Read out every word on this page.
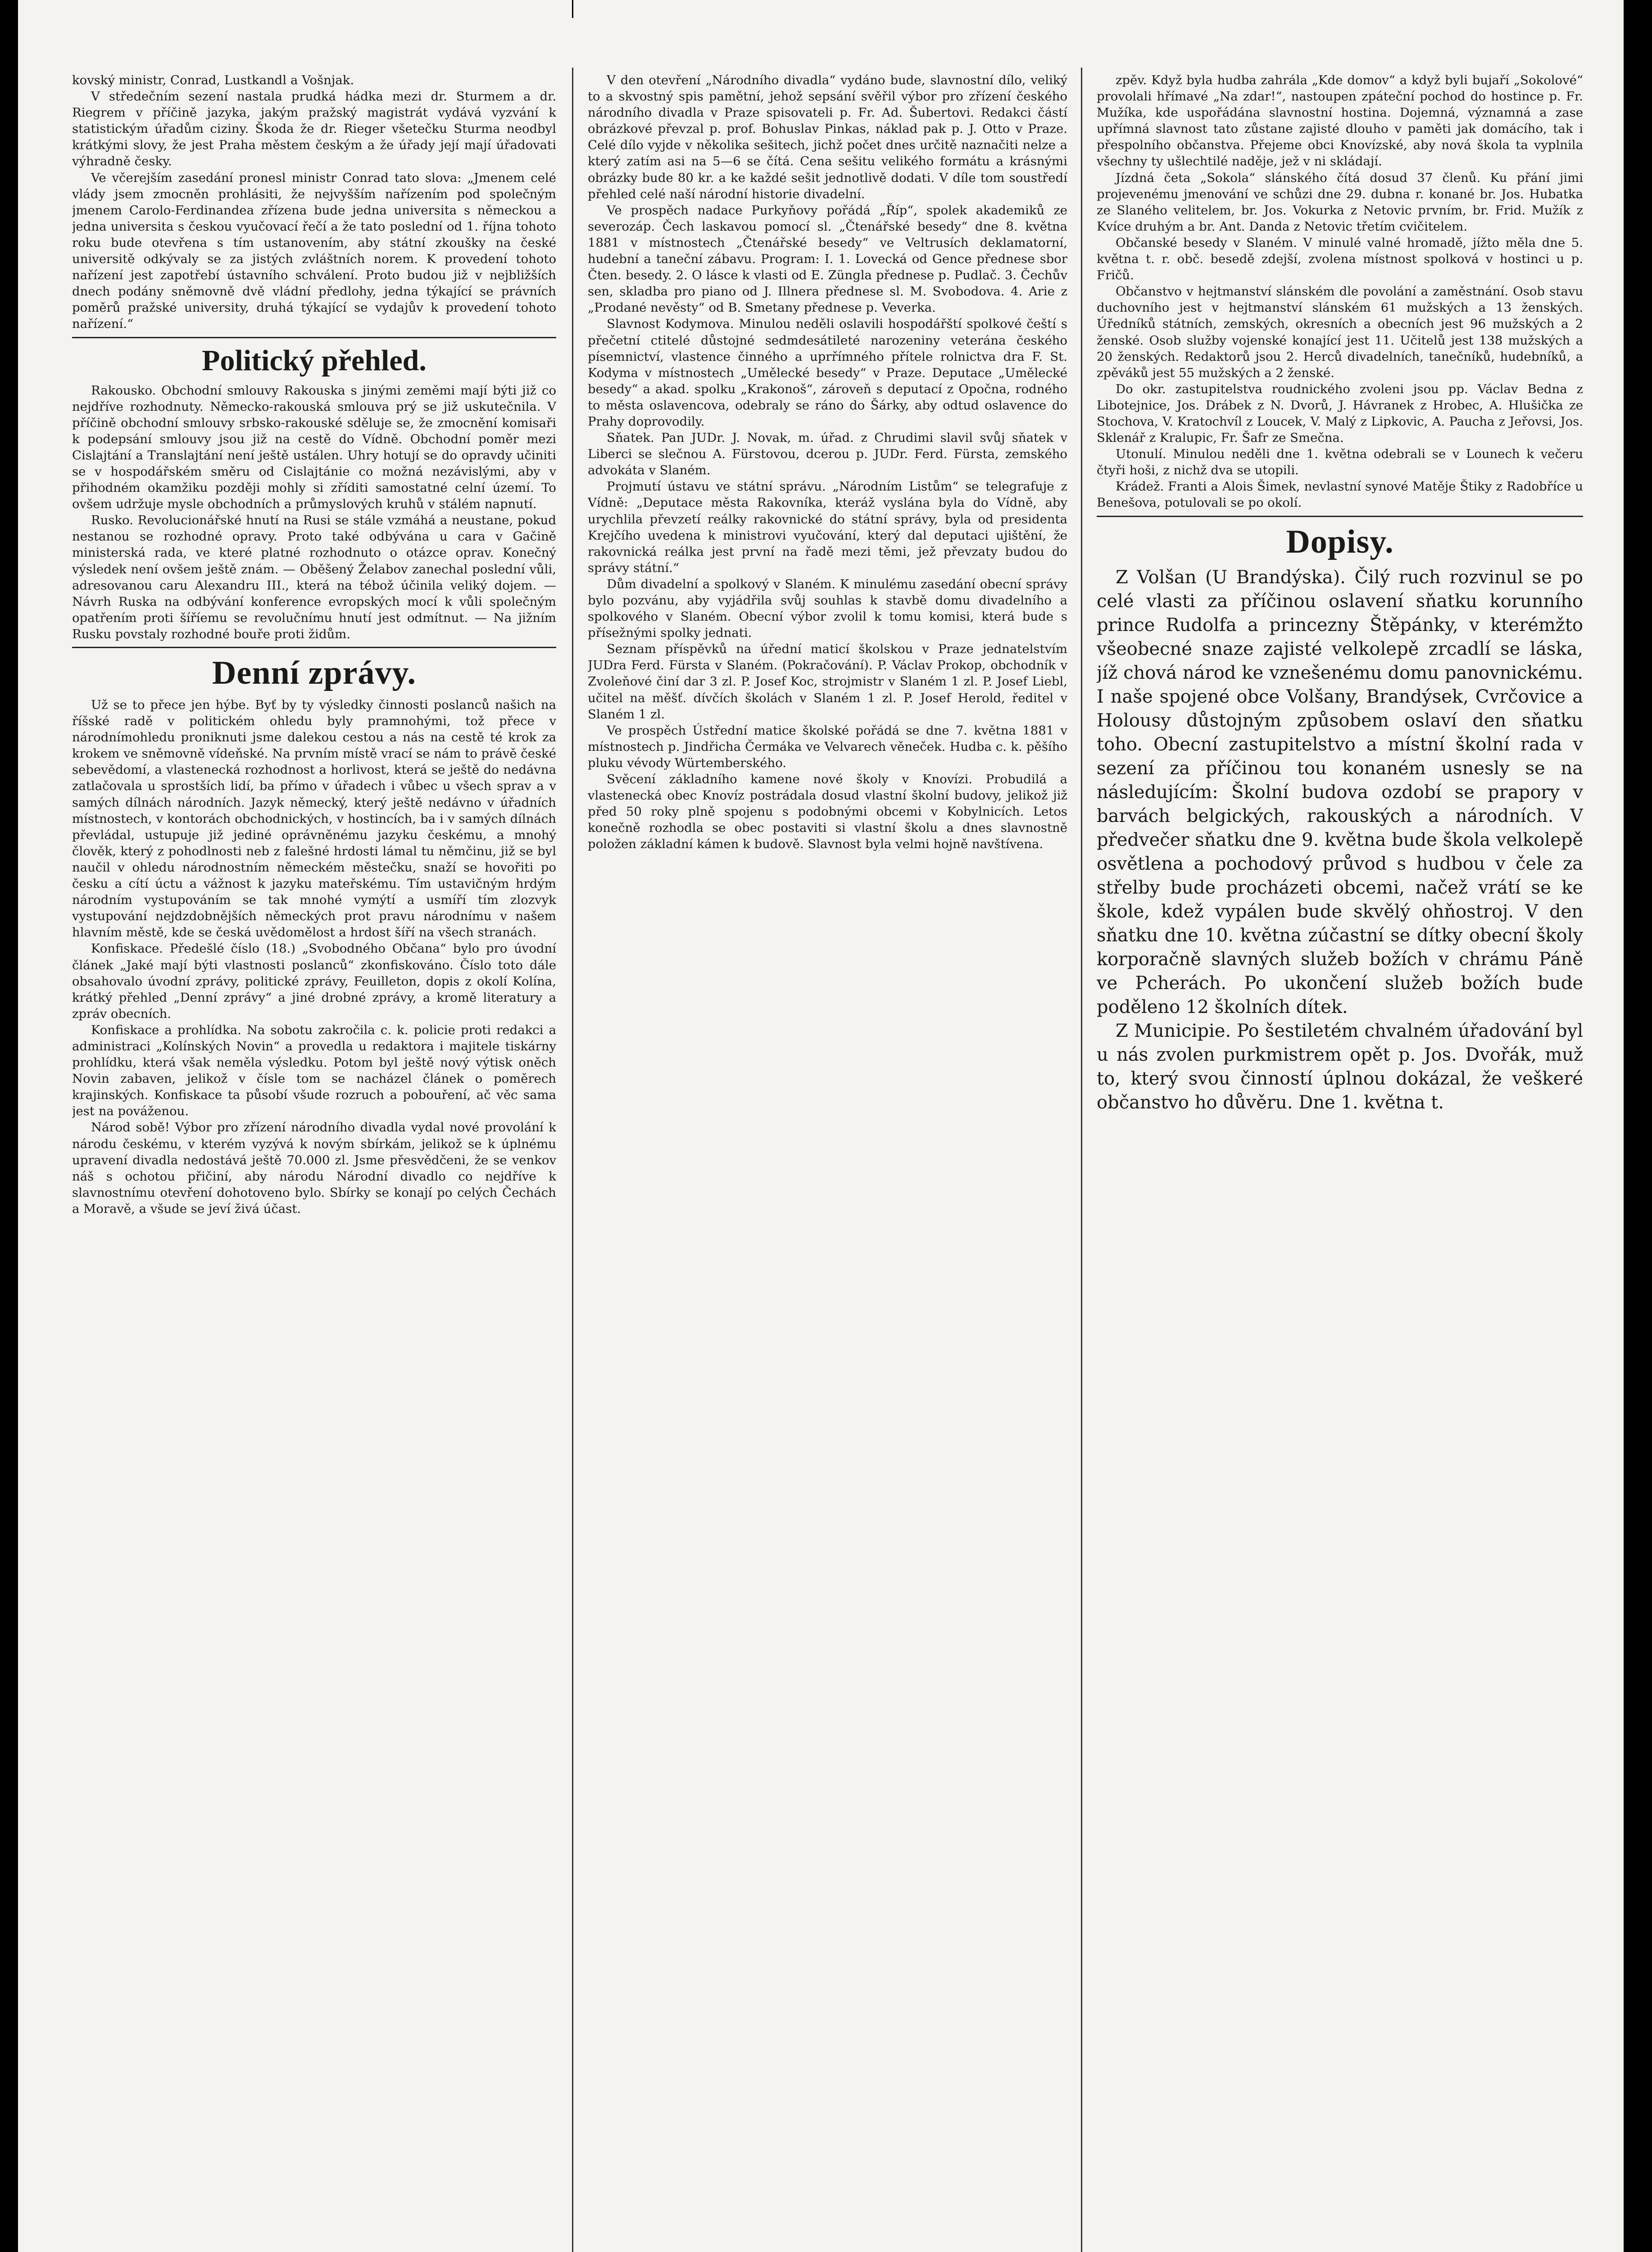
kovský ministr, Conrad, Lustkandl a Vošnjak.

V středečním sezení nastala prudká hádka mezi dr. Sturmem a dr. Riegrem v příčině jazyka, jakým pražský magistrát vydává vyzvání k statistickým úřadům ciziny. Škoda že dr. Rieger všetečku Sturma neodbyl krátkými slovy, že jest Praha městem českým a že úřady její mají úřadovati výhradně česky.

Ve včerejším zasedání pronesl ministr Conrad tato slova: „Jmenem celé vlády jsem zmocněn prohlásiti, že nejvyšším nařízením pod společným jmenem Carolo-Ferdinandea zřízena bude jedna universita s německou a jedna universita s českou vyučovací řečí a že tato poslední od 1. října tohoto roku bude otevřena s tím ustanovením, aby státní zkoušky na české universitě odkývaly se za jistých zvláštních norem. K provedení tohoto nařízení jest zapotřebí ústavního schválení. Proto budou již v nejbližších dnech podány sněmovně dvě vládní předlohy, jedna týkající se právních poměrů pražské university, druhá týkající se vydajův k provedení tohoto nařízení.“

Politický přehled.

Rakousko. Obchodní smlouvy Rakouska s jinými zeměmi mají býti již co nejdříve rozhodnuty. Německo-rakouská smlouva prý se již uskutečnila. V příčině obchodní smlouvy srbsko-rakouské sděluje se, že zmocnění komisaři k podepsání smlouvy jsou již na cestě do Vídně. Obchodní poměr mezi Cislajtání a Translajtání není ještě ustálen. Uhry hotují se do opravdy učiniti se v hospodářském směru od Cislajtánie co možná nezávislými, aby v přihodném okamžiku později mohly si zříditi samostatné celní území. To ovšem udržuje mysle obchodních a průmyslových kruhů v stálém napnutí.

Rusko. Revolucionářské hnutí na Rusi se stále vzmáhá a neustane, pokud nestanou se rozhodné opravy. Proto také odbývána u cara v Gačině ministerská rada, ve které platné rozhodnuto o otázce oprav. Konečný výsledek není ovšem ještě znám. — Oběšený Želabov zanechal poslední vůli, adresovanou caru Alexandru III., která na tébož účinila veliký dojem. — Návrh Ruska na odbývání konference evropských mocí k vůli společným opatřením proti šíříemu se revolučnímu hnutí jest odmítnut. — Na jižním Rusku povstaly rozhodné bouře proti židům.

Denní zprávy.

Už se to přece jen hýbe. Byť by ty výsledky činnosti poslanců našich na říšské radě v politickém ohledu byly pramnohými, tož přece v národnímohledu proniknuti jsme dalekou cestou a nás na cestě té krok za krokem ve sněmovně vídeňské. Na prvním místě vrací se nám to právě české sebevědomí, a vlastenecká rozhodnost a horlivost, která se ještě do nedávna zatlačovala u sprostších lidí, ba přímo v úřadech i vůbec u všech sprav a v samých dílnách národních. Jazyk německý, který ještě nedávno v úřadních místnostech, v kontorách obchodnických, v hostincích, ba i v samých dílnách převládal, ustupuje již jediné oprávněnému jazyku českému, a mnohý člověk, který z pohodlnosti neb z falešné hrdosti lámal tu němčinu, již se byl naučil v ohledu národnostním německém městečku, snaží se hovořiti po česku a cítí úctu a vážnost k jazyku mateřskému. Tím ustavičným hrdým národním vystupováním se tak mnohé vymýtí a usmíří tím zlozvyk vystupování nejdzdobnějších německých prot pravu národnímu v našem hlavním městě, kde se česká uvědomělost a hrdost šíří na všech stranách.

Konfiskace. Předešlé číslo (18.) „Svobodného Občana“ bylo pro úvodní článek „Jaké mají býti vlastnosti poslanců“ zkonfiskováno. Číslo toto dále obsahovalo úvodní zprávy, politické zprávy, Feuilleton, dopis z okolí Kolína, krátký přehled „Denní zprávy“ a jiné drobné zprávy, a kromě literatury a zpráv obecních.

Konfiskace a prohlídka. Na sobotu zakročila c. k. policie proti redakci a administraci „Kolínských Novin“ a provedla u redaktora i majitele tiskárny prohlídku, která však neměla výsledku. Potom byl ještě nový výtisk oněch Novin zabaven, jelikož v čísle tom se nacházel článek o poměrech krajinských. Konfiskace ta působí všude rozruch a pobouření, ač věc sama jest na pováženou.

Národ sobě! Výbor pro zřízení národního divadla vydal nové provolání k národu českému, v kterém vyzývá k novým sbírkám, jelikož se k úplnému upravení divadla nedostává ještě 70.000 zl. Jsme přesvědčeni, že se venkov náš s ochotou přičiní, aby národu Národní divadlo co nejdříve k slavnostnímu otevření dohotoveno bylo. Sbírky se konají po celých Čechách a Moravě, a všude se jeví živá účast.

V den otevření „Národního divadla“ vydáno bude, slavnostní dílo, veliký to a skvostný spis pamětní, jehož sepsání svěřil výbor pro zřízení českého národního divadla v Praze spisovateli p. Fr. Ad. Šubertovi. Redakci částí obrázkové převzal p. prof. Bohuslav Pinkas, náklad pak p. J. Otto v Praze. Celé dílo vyjde v několika sešitech, jichž počet dnes určitě naznačiti nelze a který zatím asi na 5—6 se čítá. Cena sešitu velikého formátu a krásnými obrázky bude 80 kr. a ke každé sešit jednotlivě dodati. V díle tom soustředí přehled celé naší národní historie divadelní.

Ve prospěch nadace Purkyňovy pořádá „Říp“, spolek akademiků ze severozáp. Čech laskavou pomocí sl. „Čtenářské besedy“ dne 8. května 1881 v místnostech „Čtenářské besedy“ ve Veltrusích deklamatorní, hudební a taneční zábavu. Program: I. 1. Lovecká od Gence přednese sbor Čten. besedy. 2. O lásce k vlasti od E. Züngla přednese p. Pudlač. 3. Čechův sen, skladba pro piano od J. Illnera přednese sl. M. Svobodova. 4. Arie z „Prodané nevěsty“ od B. Smetany přednese p. Veverka.

Slavnost Kodymova. Minulou neděli oslavili hospodářští spolkové čeští s přečetní ctitelé důstojné sedmdesátileté narozeniny veterána českého písemnictví, vlastence činného a uprřímného přítele rolnictva dra F. St. Kodyma v místnostech „Umělecké besedy“ v Praze. Deputace „Umělecké besedy“ a akad. spolku „Krakonoš“, zároveň s deputací z Opočna, rodného to města oslavencova, odebraly se ráno do Šárky, aby odtud oslavence do Prahy doprovodily.

Sňatek. Pan JUDr. J. Novak, m. úřad. z Chrudimi slavil svůj sňatek v Liberci se slečnou A. Fürstovou, dcerou p. JUDr. Ferd. Fürsta, zemského advokáta v Slaném.

Projmutí ústavu ve státní správu. „Národním Listům“ se telegrafuje z Vídně: „Deputace města Rakovníka, kteráž vyslána byla do Vídně, aby urychlila převzetí reálky rakovnické do státní správy, byla od presidenta Krejčího uvedena k ministrovi vyučování, který dal deputaci ujištění, že rakovnická reálka jest první na řadě mezi těmi, jež převzaty budou do správy státní.“

Dům divadelní a spolkový v Slaném. K minulému zasedání obecní správy bylo pozvánu, aby vyjádřila svůj souhlas k stavbě domu divadelního a spolkového v Slaném. Obecní výbor zvolil k tomu komisi, která bude s přísežnými spolky jednati.

Seznam příspěvků na úřední maticí školskou v Praze jednatelstvím JUDra Ferd. Fürsta v Slaném. (Pokračování). P. Václav Prokop, obchodník v Zvoleňové činí dar 3 zl. P. Josef Koc, strojmistr v Slaném 1 zl. P. Josef Liebl, učitel na měšť. dívčích školách v Slaném 1 zl. P. Josef Herold, ředitel v Slaném 1 zl.

Ve prospěch Ústřední matice školské pořádá se dne 7. května 1881 v místnostech p. Jindřicha Čermáka ve Velvarech věneček. Hudba c. k. pěšího pluku vévody Würtemberského.

Svěcení základního kamene nové školy v Knovízi. Probudilá a vlastenecká obec Knovíz postrádala dosud vlastní školní budovy, jelikož již před 50 roky plně spojenu s podobnými obcemi v Kobylnicích. Letos konečně rozhodla se obec postaviti si vlastní školu a dnes slavnostně položen základní kámen k budově. Slavnost byla velmi hojně navštívena.

zpěv. Když byla hudba zahrála „Kde domov“ a když byli bujaří „Sokolové“ provolali hřímavé „Na zdar!“, nastoupen zpáteční pochod do hostince p. Fr. Mužíka, kde uspořádána slavnostní hostina. Dojemná, významná a zase upřímná slavnost tato zůstane zajisté dlouho v paměti jak domácího, tak i přespolního občanstva. Přejeme obci Knovízské, aby nová škola ta vyplnila všechny ty ušlechtilé naděje, jež v ni skládají.

Jízdná četa „Sokola“ slánského čítá dosud 37 členů. Ku přání jimi projevenému jmenování ve schůzi dne 29. dubna r. konané br. Jos. Hubatka ze Slaného velitelem, br. Jos. Vokurka z Netovic prvním, br. Frid. Mužík z Kvíce druhým a br. Ant. Danda z Netovic třetím cvičitelem.

Občanské besedy v Slaném. V minulé valné hromadě, jížto měla dne 5. května t. r. obč. besedě zdejší, zvolena místnost spolková v hostinci u p. Fričů.

Občanstvo v hejtmanství slánském dle povolání a zaměstnání. Osob stavu duchovního jest v hejtmanství slánském 61 mužských a 13 ženských. Úředníků státních, zemských, okresních a obecních jest 96 mužských a 2 ženské. Osob služby vojenské konající jest 11. Učitelů jest 138 mužských a 20 ženských. Redaktorů jsou 2. Herců divadelních, tanečníků, hudebníků, a zpěváků jest 55 mužských a 2 ženské.

Do okr. zastupitelstva roudnického zvoleni jsou pp. Václav Bedna z Libotejnice, Jos. Drábek z N. Dvorů, J. Hávranek z Hrobec, A. Hlušička ze Stochova, V. Kratochvíl z Loucek, V. Malý z Lipkovic, A. Paucha z Jeřovsi, Jos. Sklenář z Kralupic, Fr. Šafr ze Smečna.

Utonulí. Minulou neděli dne 1. května odebrali se v Lounech k večeru čtyři hoši, z nichž dva se utopili.

Krádež. Franti a Alois Šimek, nevlastní synové Matěje Štiky z Radobříce u Benešova, potulovali se po okolí.

Dopisy.

Z Volšan (U Brandýska). Čilý ruch rozvinul se po celé vlasti za příčinou oslavení sňatku korunního prince Rudolfa a princezny Štěpánky, v kterémžto všeobecné snaze zajisté velkolepě zrcadlí se láska, jíž chová národ ke vznešenému domu panovnickému. I naše spojené obce Volšany, Brandýsek, Cvrčovice a Holousy důstojným způsobem oslaví den sňatku toho. Obecní zastupitelstvo a místní školní rada v sezení za příčinou tou konaném usnesly se na následujícím: Školní budova ozdobí se prapory v barvách belgických, rakouských a národních. V předvečer sňatku dne 9. května bude škola velkolepě osvětlena a pochodový průvod s hudbou v čele za střelby bude procházeti obcemi, načež vrátí se ke škole, kdež vypálen bude skvělý ohňostroj. V den sňatku dne 10. května zúčastní se dítky obecní školy korporačně slavných služeb božích v chrámu Páně ve Pcherách. Po ukončení služeb božích bude poděleno 12 školních dítek.

Z Municipie. Po šestiletém chvalném úřadování byl u nás zvolen purkmistrem opět p. Jos. Dvořák, muž to, který svou činností úplnou dokázal, že veškeré občanstvo ho důvěru. Dne 1. května t.
